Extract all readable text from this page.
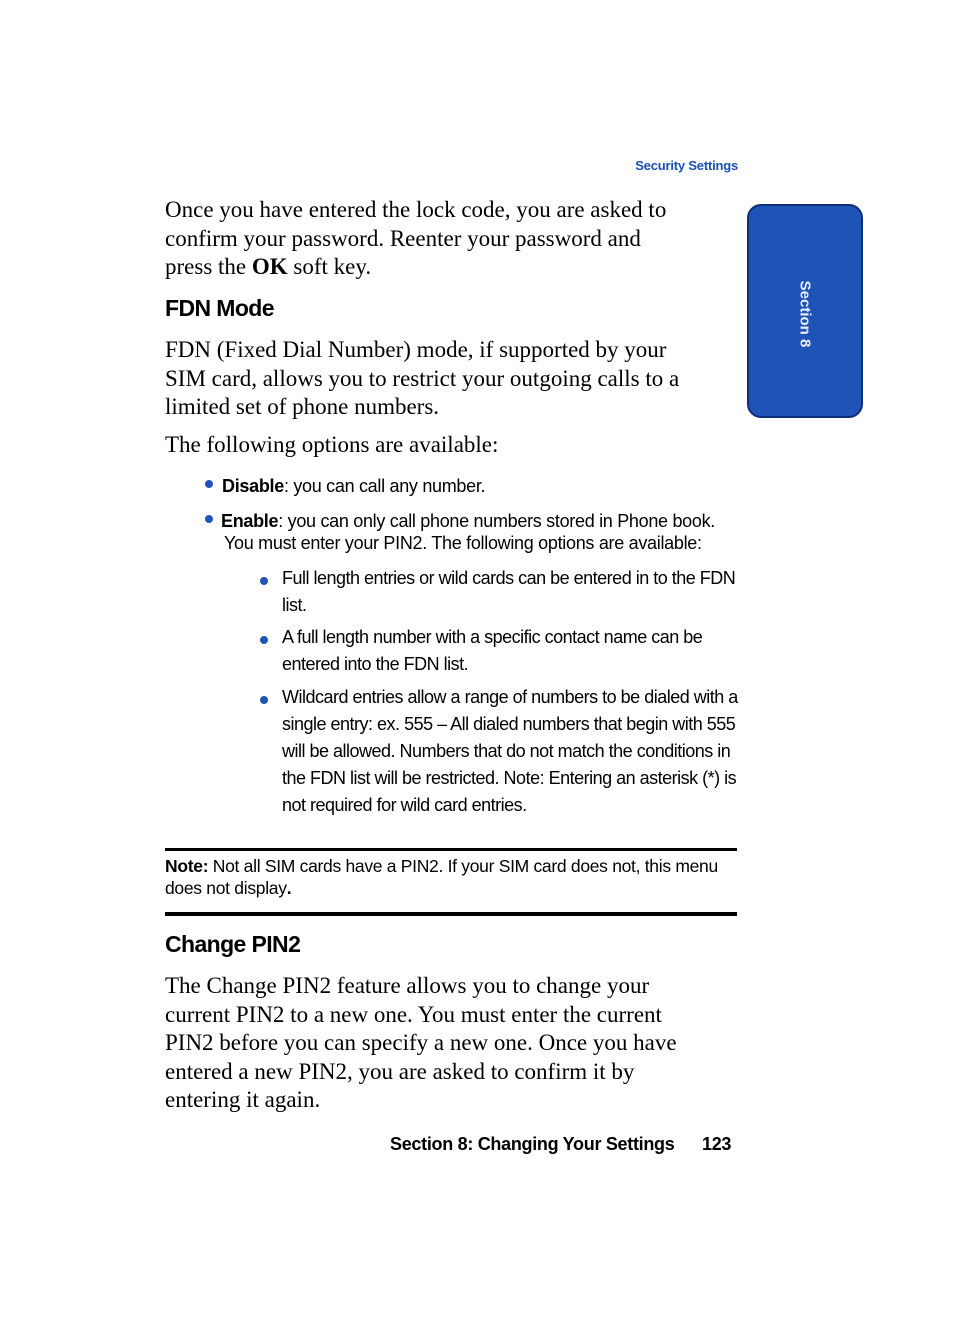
Security Settings
Section 8
Once you have entered the lock code, you are asked to
confirm your password. Reenter your password and
press the OK soft key.
FDN Mode
FDN (Fixed Dial Number) mode, if supported by your
SIM card, allows you to restrict your outgoing calls to a
limited set of phone numbers.
The following options are available:
Disable: you can call any number.
Enable: you can only call phone numbers stored in Phone book.
You must enter your PIN2. The following options are available:
Full length entries or wild cards can be entered in to the FDN
list.
A full length number with a specific contact name can be
entered into the FDN list.
Wildcard entries allow a range of numbers to be dialed with a
single entry: ex. 555 – All dialed numbers that begin with 555
will be allowed. Numbers that do not match the conditions in
the FDN list will be restricted. Note: Entering an asterisk (*) is
not required for wild card entries.
Note: Not all SIM cards have a PIN2. If your SIM card does not, this menu
does not display.
Change PIN2
The Change PIN2 feature allows you to change your
current PIN2 to a new one. You must enter the current
PIN2 before you can specify a new one. Once you have
entered a new PIN2, you are asked to confirm it by
entering it again.
Section 8: Changing Your Settings 123
